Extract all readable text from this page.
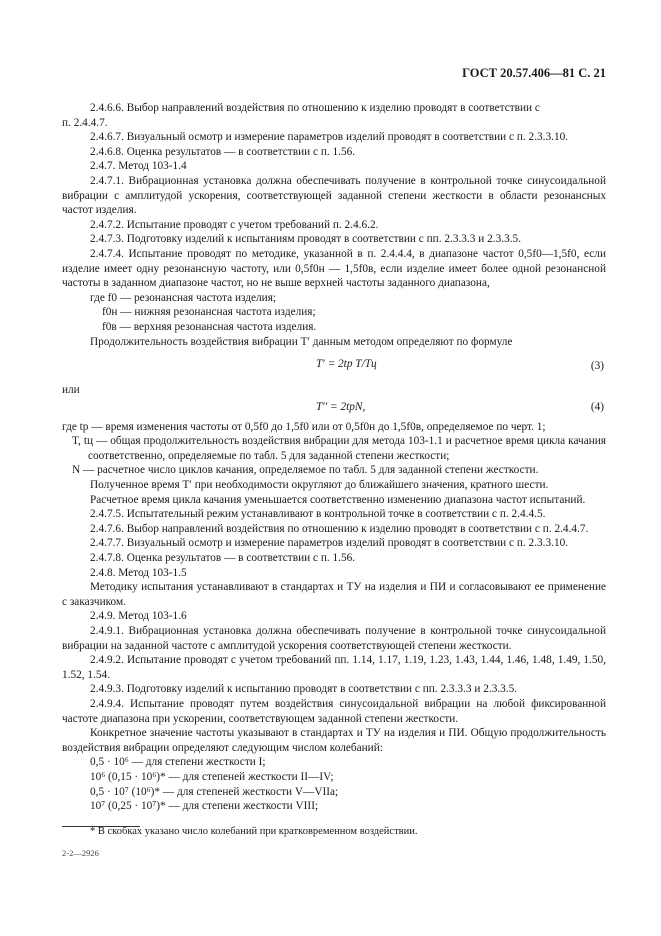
ГОСТ 20.57.406—81 С. 21

2.4.6.6. Выбор направлений воздействия по отношению к изделию проводят в соответствии с

п. 2.4.4.7.

2.4.6.7. Визуальный осмотр и измерение параметров изделий проводят в соответствии с п. 2.3.3.10.

2.4.6.8. Оценка результатов — в соответствии с п. 1.56.

2.4.7. Метод 103-1.4

2.4.7.1. Вибрационная установка должна обеспечивать получение в контрольной точке синусоидальной вибрации с амплитудой ускорения, соответствующей заданной степени жесткости в области резонансных частот изделия.

2.4.7.2. Испытание проводят с учетом требований п. 2.4.6.2.

2.4.7.3. Подготовку изделий к испытаниям проводят в соответствии с пп. 2.3.3.3 и 2.3.3.5.

2.4.7.4. Испытание проводят по методике, указанной в п. 2.4.4.4, в диапазоне частот 0,5f0—1,5f0, если изделие имеет одну резонансную частоту, или 0,5f0н — 1,5f0в, если изделие имеет более одной резонансной частоты в заданном диапазоне частот, но не выше верхней частоты заданного диапазона,

где f0 — резонансная частота изделия;

f0н — нижняя резонансная частота изделия;

f0в — верхняя резонансная частота изделия.

Продолжительность воздействия вибрации T′ данным методом определяют по формуле

T′ = 2tp T/Tц	(3)

или

T′′ = 2tpN,	(4)

где tp — время изменения частоты от 0,5f0 до 1,5f0 или от 0,5f0н до 1,5f0в, определяемое по черт. 1;

T, tц — общая продолжительность воздействия вибрации для метода 103-1.1 и расчетное время цикла качания соответственно, определяемые по табл. 5 для заданной степени жесткости;

N — расчетное число циклов качания, определяемое по табл. 5 для заданной степени жесткости.

Полученное время T′ при необходимости округляют до ближайшего значения, кратного шести.

Расчетное время цикла качания уменьшается соответственно изменению диапазона частот испытаний.

2.4.7.5. Испытательный режим устанавливают в контрольной точке в соответствии с п. 2.4.4.5.

2.4.7.6. Выбор направлений воздействия по отношению к изделию проводят в соответствии с п. 2.4.4.7.

2.4.7.7. Визуальный осмотр и измерение параметров изделий проводят в соответствии с п. 2.3.3.10.

2.4.7.8. Оценка результатов — в соответствии с п. 1.56.

2.4.8. Метод 103-1.5

Методику испытания устанавливают в стандартах и ТУ на изделия и ПИ и согласовывают ее применение с заказчиком.

2.4.9. Метод 103-1.6

2.4.9.1. Вибрационная установка должна обеспечивать получение в контрольной точке синусоидальной вибрации на заданной частоте с амплитудой ускорения соответствующей степени жесткости.

2.4.9.2. Испытание проводят с учетом требований пп. 1.14, 1.17, 1.19, 1.23, 1.43, 1.44, 1.46, 1.48, 1.49, 1.50, 1.52, 1.54.

2.4.9.3. Подготовку изделий к испытанию проводят в соответствии с пп. 2.3.3.3 и 2.3.3.5.

2.4.9.4. Испытание проводят путем воздействия синусоидальной вибрации на любой фиксированной частоте диапазона при ускорении, соответствующем заданной степени жесткости.

Конкретное значение частоты указывают в стандартах и ТУ на изделия и ПИ. Общую продолжительность воздействия вибрации определяют следующим числом колебаний:

0,5 · 10⁶ — для степени жесткости I;

10⁶ (0,15 · 10⁶)* — для степеней жесткости II—IV;

0,5 · 10⁷ (10⁶)* — для степеней жесткости V—VIIa;

10⁷ (0,25 · 10⁷)* — для степени жесткости VIII;

* В скобках указано число колебаний при кратковременном воздействии.
2-2—2926
